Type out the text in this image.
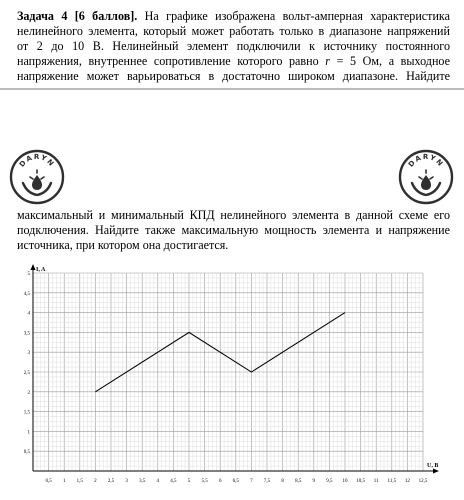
Задача 4 [6 баллов]. На графике изображена вольт-амперная характеристика
нелинейного элемента, который может работать только в диапазоне напряжений
от 2 до 10 В. Нелинейный элемент подключили к источнику постоянного
напряжения, внутреннее сопротивление которого равно r = 5 Ом, а выходное
напряжение может варьироваться в достаточно широком диапазоне. Найдите
DARYN	DARYN
максимальный и минимальный КПД нелинейного элемента в данной схеме его
подключения. Найдите также максимальную мощность элемента и напряжение
источника, при котором она достигается.
0,5 1 1,5 2 2,5 3 3,5 4 4,5 5 5,5 6 6,5 7 7,5 8 8,5 9 9,5 10 10,5 11 11,5 12 12,5
0,5
1
1,5
2
2,5
3
3,5
4
4,5
5
I, A
U, В
